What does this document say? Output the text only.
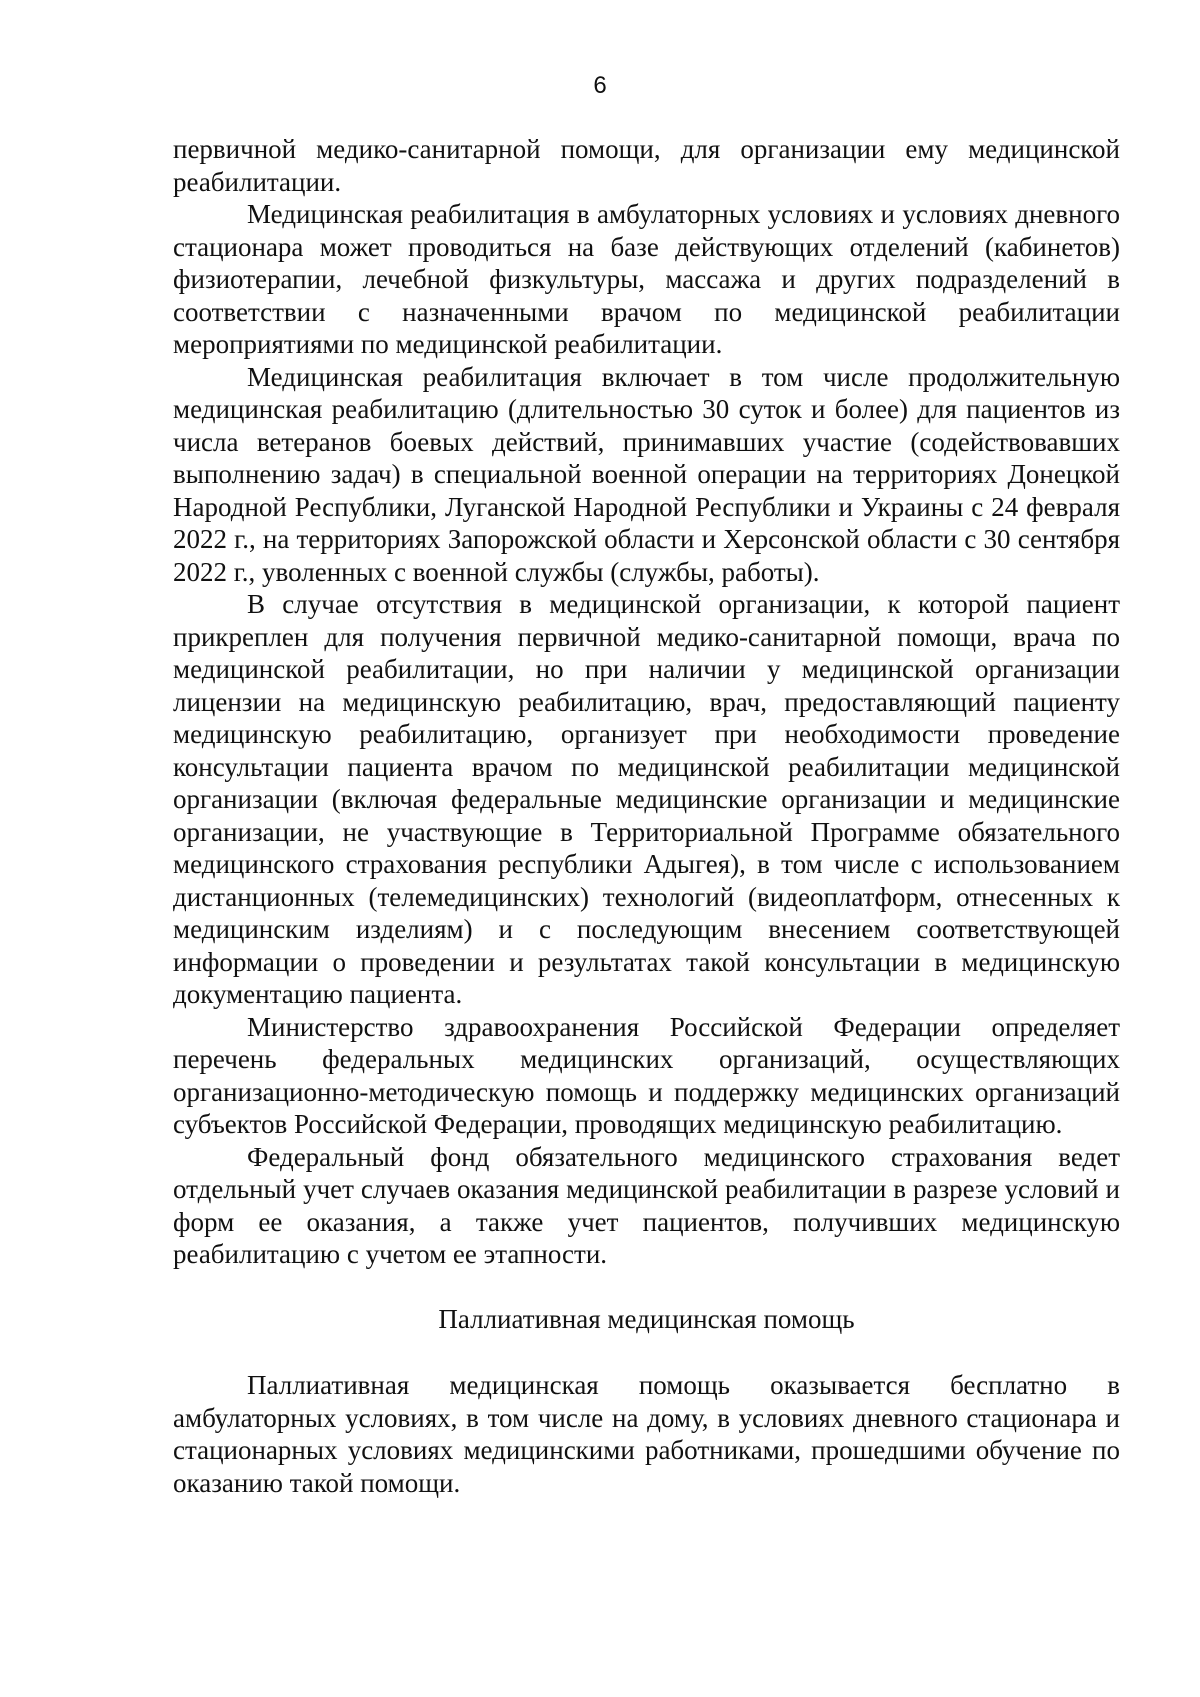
6

первичной медико-санитарной помощи, для организации ему медицинской реабилитации.

Медицинская реабилитация в амбулаторных условиях и условиях дневного стационара может проводиться на базе действующих отделений (кабинетов) физиотерапии, лечебной физкультуры, массажа и других подразделений в соответствии с назначенными врачом по медицинской реабилитации мероприятиями по медицинской реабилитации.

Медицинская реабилитация включает в том числе продолжительную медицинская реабилитацию (длительностью 30 суток и более) для пациентов из числа ветеранов боевых действий, принимавших участие (содействовавших выполнению задач) в специальной военной операции на территориях Донецкой Народной Республики, Луганской Народной Республики и Украины с 24 февраля 2022 г., на территориях Запорожской области и Херсонской области с 30 сентября 2022 г., уволенных с военной службы (службы, работы).

В случае отсутствия в медицинской организации, к которой пациент прикреплен для получения первичной медико-санитарной помощи, врача по медицинской реабилитации, но при наличии у медицинской организации лицензии на медицинскую реабилитацию, врач, предоставляющий пациенту медицинскую реабилитацию, организует при необходимости проведение консультации пациента врачом по медицинской реабилитации медицинской организации (включая федеральные медицинские организации и медицинские организации, не участвующие в Территориальной Программе обязательного медицинского страхования республики Адыгея), в том числе с использованием дистанционных (телемедицинских) технологий (видеоплатформ, отнесенных к медицинским изделиям) и с последующим внесением соответствующей информации о проведении и результатах такой консультации в медицинскую документацию пациента.

Министерство здравоохранения Российской Федерации определяет перечень федеральных медицинских организаций, осуществляющих организационно-методическую помощь и поддержку медицинских организаций субъектов Российской Федерации, проводящих медицинскую реабилитацию.

Федеральный фонд обязательного медицинского страхования ведет отдельный учет случаев оказания медицинской реабилитации в разрезе условий и форм ее оказания, а также учет пациентов, получивших медицинскую реабилитацию с учетом ее этапности.

Паллиативная медицинская помощь

Паллиативная медицинская помощь оказывается бесплатно в амбулаторных условиях, в том числе на дому, в условиях дневного стационара и стационарных условиях медицинскими работниками, прошедшими обучение по оказанию такой помощи.
